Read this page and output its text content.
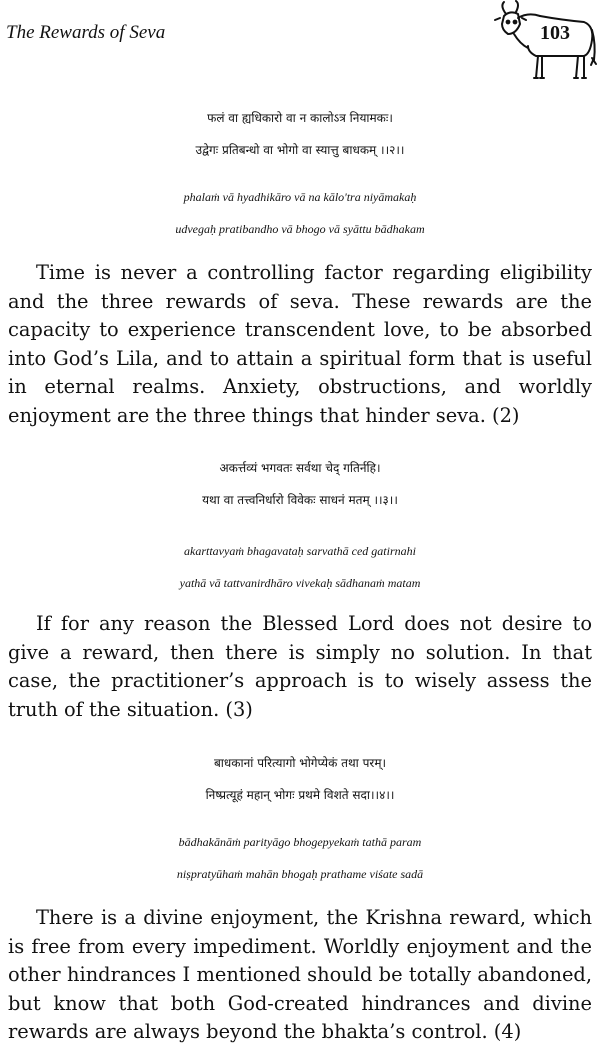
The Rewards of Seva	103

फलं वा ह्यधिकारो वा न कालोऽत्र नियामकः।

उद्वेगः प्रतिबन्धो वा भोगो वा स्यात्तु बाधकम् ।।२।।

phalaṁ vā hyadhikāro vā na kālo'tra niyāmakaḥ

udvegaḥ pratibandho vā bhogo vā syāttu bādhakam

Time is never a controlling factor regarding eligibility and the three rewards of seva. These rewards are the capacity to experience transcendent love, to be absorbed into God’s Lila, and to attain a spiritual form that is useful in eternal realms. Anxiety, obstructions, and worldly enjoyment are the three things that hinder seva. (2)

अकर्त्तव्यं भगवतः सर्वथा चेद् गतिर्नहि।

यथा वा तत्त्वनिर्धारो विवेकः साधनं मतम् ।।३।।

akarttavyaṁ bhagavataḥ sarvathā ced gatirnahi

yathā vā tattvanirdhāro vivekaḥ sādhanaṁ matam

If for any reason the Blessed Lord does not desire to give a reward, then there is simply no solution. In that case, the practitioner’s approach is to wisely assess the truth of the situation. (3)

बाधकानां परित्यागो भोगेप्येकं तथा परम्।

निष्प्रत्यूहं महान् भोगः प्रथमे विशते सदा।।४।।

bādhakānāṁ parityāgo bhogepyekaṁ tathā param

niṣpratyūhaṁ mahān bhogaḥ prathame viśate sadā

There is a divine enjoyment, the Krishna reward, which is free from every impediment. Worldly enjoyment and the other hindrances I mentioned should be totally abandoned, but know that both God-created hindrances and divine rewards are always beyond the bhakta’s control. (4)
